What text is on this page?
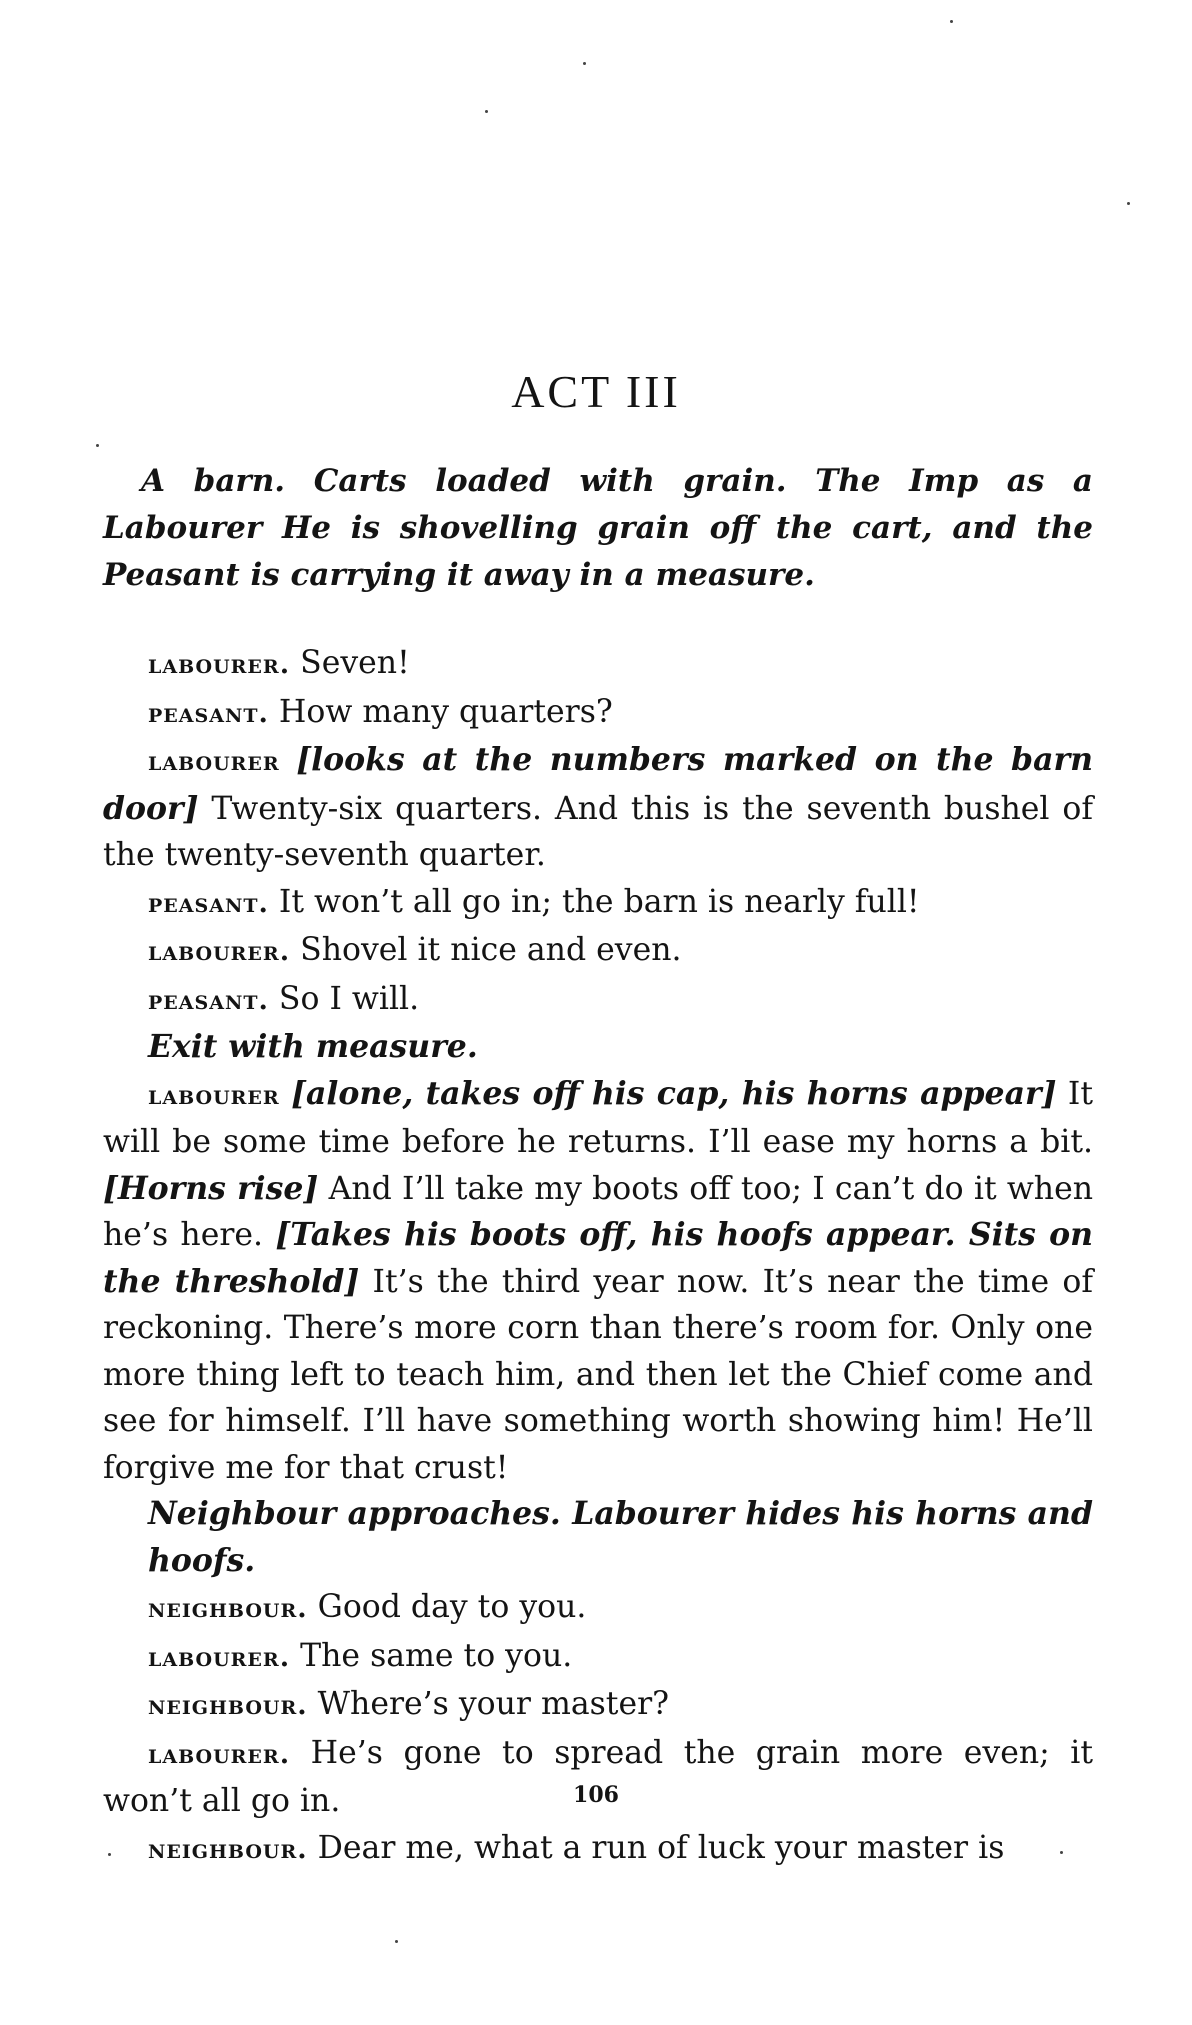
ACT III
A barn. Carts loaded with grain. The Imp as a Labourer He is shovelling grain off the cart, and the Peasant is carrying it away in a measure.

labourer. Seven!

peasant. How many quarters?

labourer [looks at the numbers marked on the barn door] Twenty-six quarters. And this is the seventh bushel of the twenty-seventh quarter.

peasant. It won’t all go in; the barn is nearly full!

labourer. Shovel it nice and even.

peasant. So I will.

Exit with measure.

labourer [alone, takes off his cap, his horns appear] It will be some time before he returns. I’ll ease my horns a bit. [Horns rise] And I’ll take my boots off too; I can’t do it when he’s here. [Takes his boots off, his hoofs appear. Sits on the threshold] It’s the third year now. It’s near the time of reckoning. There’s more corn than there’s room for. Only one more thing left to teach him, and then let the Chief come and see for himself. I’ll have something worth showing him! He’ll forgive me for that crust!

Neighbour approaches. Labourer hides his horns and hoofs.

neighbour. Good day to you.

labourer. The same to you.

neighbour. Where’s your master?

labourer. He’s gone to spread the grain more even; it won’t all go in.

neighbour. Dear me, what a run of luck your master is

106
